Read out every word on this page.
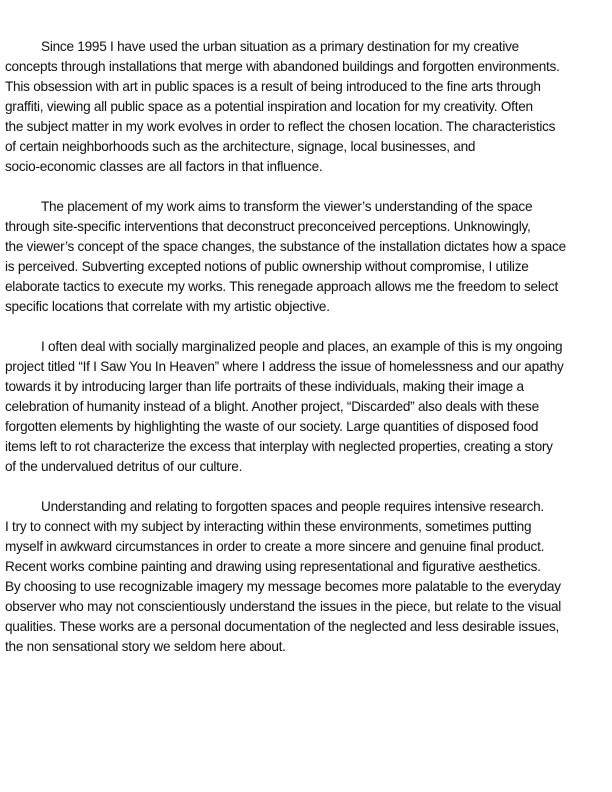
Since 1995 I have used the urban situation as a primary destination for my creative
concepts through installations that merge with abandoned buildings and forgotten environments.
This obsession with art in public spaces is a result of being introduced to the fine arts through
graffiti, viewing all public space as a potential inspiration and location for my creativity. Often
the subject matter in my work evolves in order to reflect the chosen location. The characteristics
of certain neighborhoods such as the architecture, signage, local businesses, and
socio-economic classes are all factors in that influence.

The placement of my work aims to transform the viewer’s understanding of the space
through site-specific interventions that deconstruct preconceived perceptions. Unknowingly,
the viewer’s concept of the space changes, the substance of the installation dictates how a space
is perceived. Subverting excepted notions of public ownership without compromise, I utilize
elaborate tactics to execute my works. This renegade approach allows me the freedom to select
specific locations that correlate with my artistic objective.

I often deal with socially marginalized people and places, an example of this is my ongoing
project titled “If I Saw You In Heaven” where I address the issue of homelessness and our apathy
towards it by introducing larger than life portraits of these individuals, making their image a
celebration of humanity instead of a blight. Another project, “Discarded” also deals with these
forgotten elements by highlighting the waste of our society. Large quantities of disposed food
items left to rot characterize the excess that interplay with neglected properties, creating a story
of the undervalued detritus of our culture.

Understanding and relating to forgotten spaces and people requires intensive research.
I try to connect with my subject by interacting within these environments, sometimes putting
myself in awkward circumstances in order to create a more sincere and genuine final product.
Recent works combine painting and drawing using representational and figurative aesthetics.
By choosing to use recognizable imagery my message becomes more palatable to the everyday
observer who may not conscientiously understand the issues in the piece, but relate to the visual
qualities. These works are a personal documentation of the neglected and less desirable issues,
the non sensational story we seldom here about.
